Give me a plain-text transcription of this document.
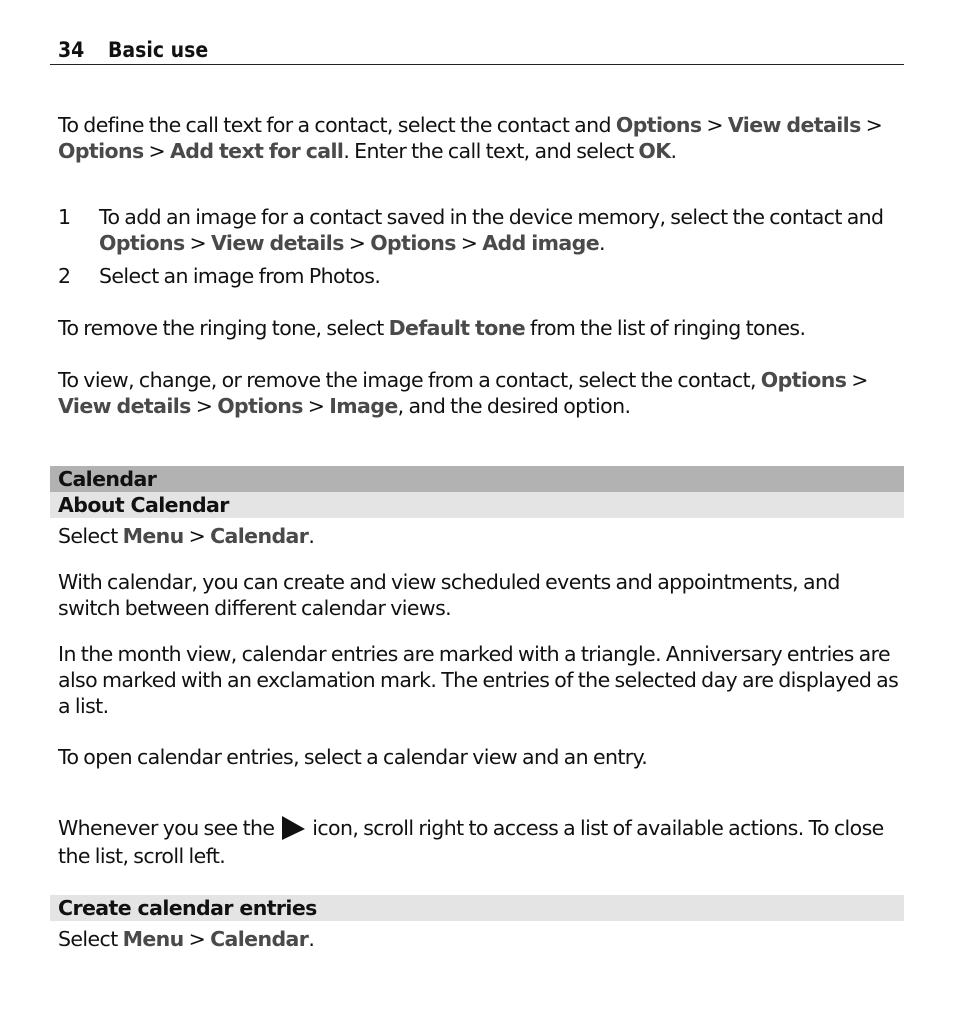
34 Basic use

To define the call text for a contact, select the contact and Options > View details > Options > Add text for call. Enter the call text, and select OK.

1 To add an image for a contact saved in the device memory, select the contact and Options > View details > Options > Add image.
2 Select an image from Photos.

To remove the ringing tone, select Default tone from the list of ringing tones.

To view, change, or remove the image from a contact, select the contact, Options > View details > Options > Image, and the desired option.

Calendar
About Calendar

Select Menu > Calendar.

With calendar, you can create and view scheduled events and appointments, and switch between different calendar views.

In the month view, calendar entries are marked with a triangle. Anniversary entries are also marked with an exclamation mark. The entries of the selected day are displayed as a list.

To open calendar entries, select a calendar view and an entry.

Whenever you see the  icon, scroll right to access a list of available actions. To close the list, scroll left.

Create calendar entries

Select Menu > Calendar.
